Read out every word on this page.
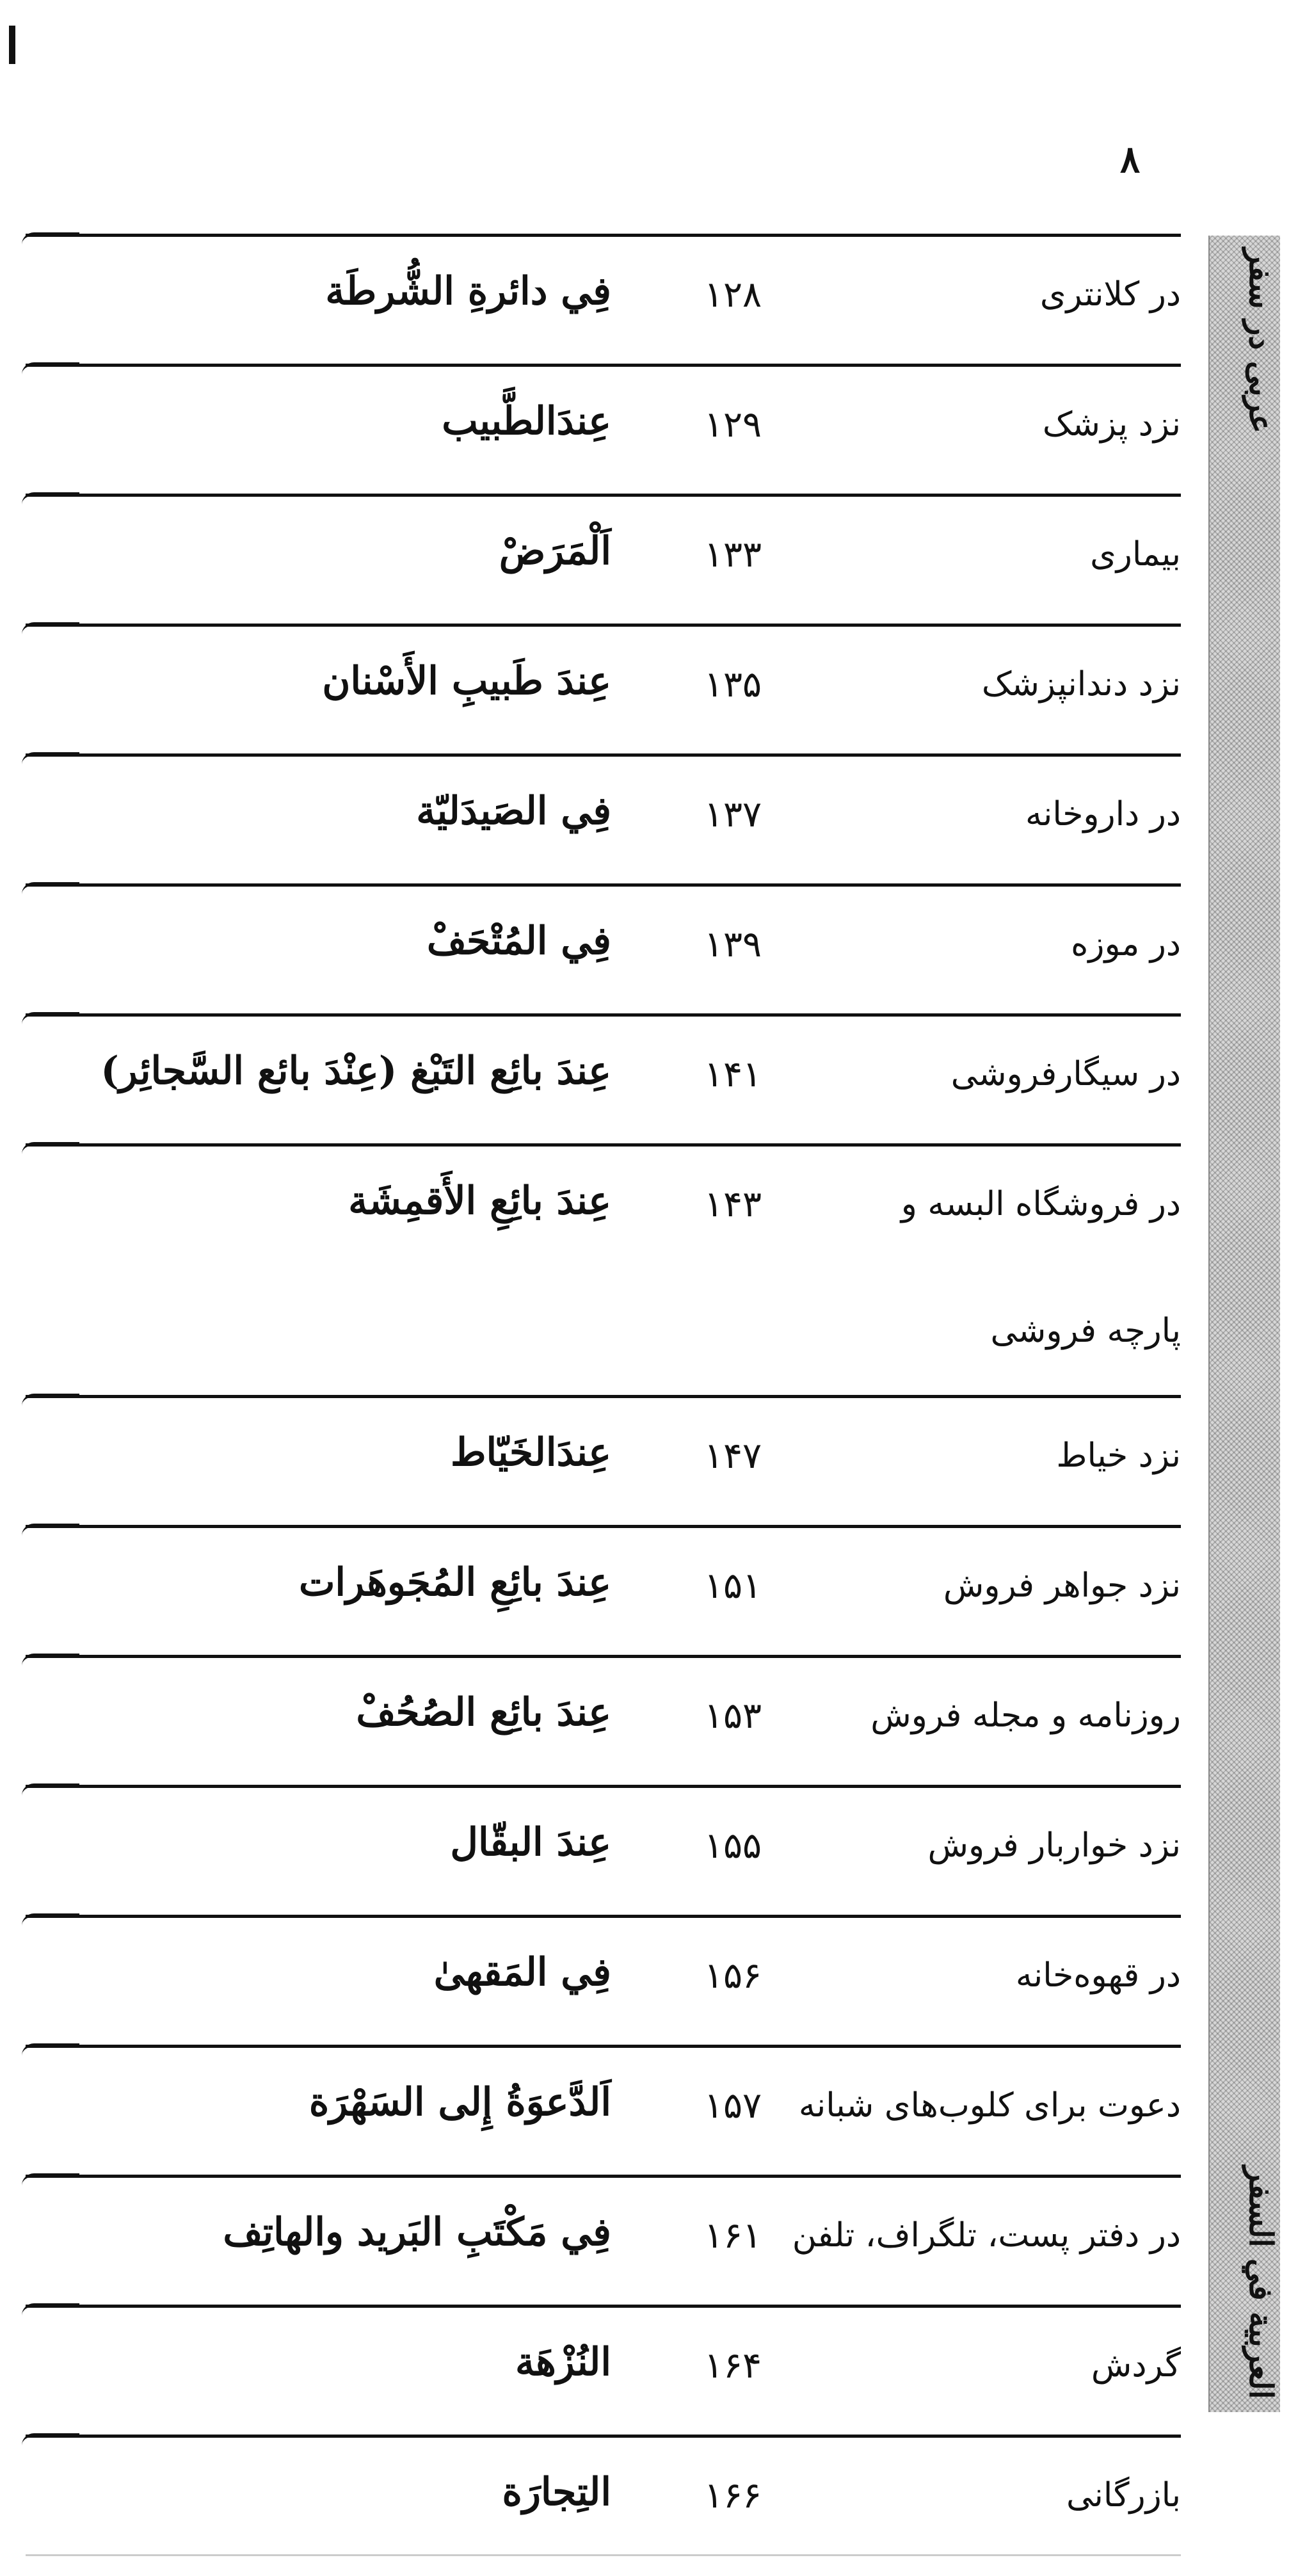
٨
عربى در سفر
العربية في السفر
در کلانتری
۱۲۸
فِي دائرةِ الشُّرطَة
نزد پزشک
۱۲۹
عِندَالطَّبيب
بیماری
۱۳۳
اَلْمَرَضْ
نزد دندانپزشک
۱۳۵
عِندَ طَبيبِ الأَسْنان
در داروخانه
۱۳۷
فِي الصَيدَليّة
در موزه
۱۳۹
فِي المُتْحَفْ
در سیگارفروشی
۱۴۱
عِندَ بائِع التَبْغ (عِنْدَ بائع السَّجائِر)
در فروشگاه البسه و
۱۴۳
عِندَ بائِعِ الأَقمِشَة
پارچه فروشی
نزد خیاط
۱۴۷
عِندَالخَيّاط
نزد جواهر فروش
۱۵۱
عِندَ بائِعِ المُجَوهَرات
روزنامه و مجله فروش
۱۵۳
عِندَ بائِع الصُحُفْ
نزد خواربار فروش
۱۵۵
عِندَ البقّال
در قهوه‌خانه
۱۵۶
فِي المَقهىٰ
دعوت برای کلوب‌های شبانه
۱۵۷
اَلدَّعوَةُ إِلى السَهْرَة
در دفتر پست، تلگراف، تلفن
۱۶۱
فِي مَكْتَبِ البَريد والهاتِف
گردش
۱۶۴
النُزْهَة
بازرگانی
۱۶۶
التِجارَة
